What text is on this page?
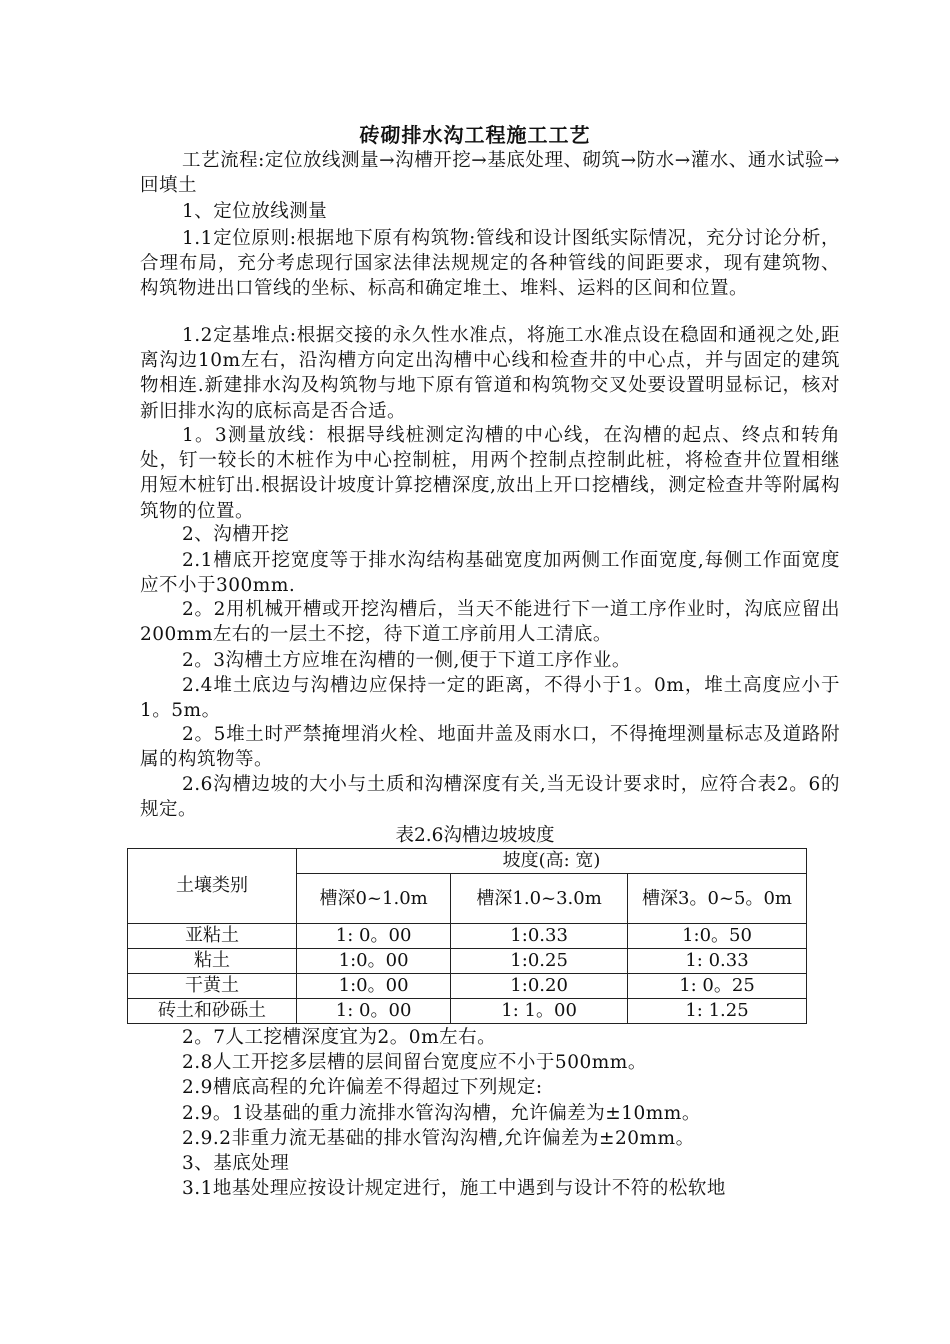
砖砌排水沟工程施工工艺

工艺流程:定位放线测量→沟槽开挖→基底处理、砌筑→防水→灌水、通水试验→回填土

1、定位放线测量

1.1定位原则:根据地下原有构筑物:管线和设计图纸实际情况，充分讨论分析，合理布局，充分考虑现行国家法律法规规定的各种管线的间距要求，现有建筑物、构筑物进出口管线的坐标、标高和确定堆土、堆料、运料的区间和位置。

1.2定基堆点:根据交接的永久性水准点，将施工水准点设在稳固和通视之处,距离沟边10m左右，沿沟槽方向定出沟槽中心线和检查井的中心点，并与固定的建筑物相连.新建排水沟及构筑物与地下原有管道和构筑物交叉处要设置明显标记，核对新旧排水沟的底标高是否合适。

1。3测量放线：根据导线桩测定沟槽的中心线，在沟槽的起点、终点和转角处，钉一较长的木桩作为中心控制桩，用两个控制点控制此桩，将检查井位置相继用短木桩钉出.根据设计坡度计算挖槽深度,放出上开口挖槽线，测定检查井等附属构筑物的位置。

2、沟槽开挖

2.1槽底开挖宽度等于排水沟结构基础宽度加两侧工作面宽度,每侧工作面宽度应不小于300mm.

2。2用机械开槽或开挖沟槽后，当天不能进行下一道工序作业时，沟底应留出200mm左右的一层土不挖，待下道工序前用人工清底。

2。3沟槽土方应堆在沟槽的一侧,便于下道工序作业。

2.4堆土底边与沟槽边应保持一定的距离，不得小于1。0m，堆土高度应小于1。5m。

2。5堆土时严禁掩埋消火栓、地面井盖及雨水口，不得掩埋测量标志及道路附属的构筑物等。

2.6沟槽边坡的大小与土质和沟槽深度有关,当无设计要求时，应符合表2。6的规定。

表2.6沟槽边坡坡度
土壤类别	坡度(高: 宽)		
	槽深0~1.0m	槽深1.0~3.0m	槽深3。0~5。0m
亚粘土	1: 0。00	1:0.33	1:0。50
粘土	1:0。00	1:0.25	1: 0.33
干黄土	1:0。00	1:0.20	1: 0。25
砖土和砂砾土	1: 0。00	1: 1。00	1: 1.25
2。7人工挖槽深度宜为2。0m左右。
2.8人工开挖多层槽的层间留台宽度应不小于500mm。
2.9槽底高程的允许偏差不得超过下列规定:
2.9。1设基础的重力流排水管沟沟槽，允许偏差为±10mm。
2.9.2非重力流无基础的排水管沟沟槽,允许偏差为±20mm。
3、基底处理
3.1地基处理应按设计规定进行，施工中遇到与设计不符的松软地
